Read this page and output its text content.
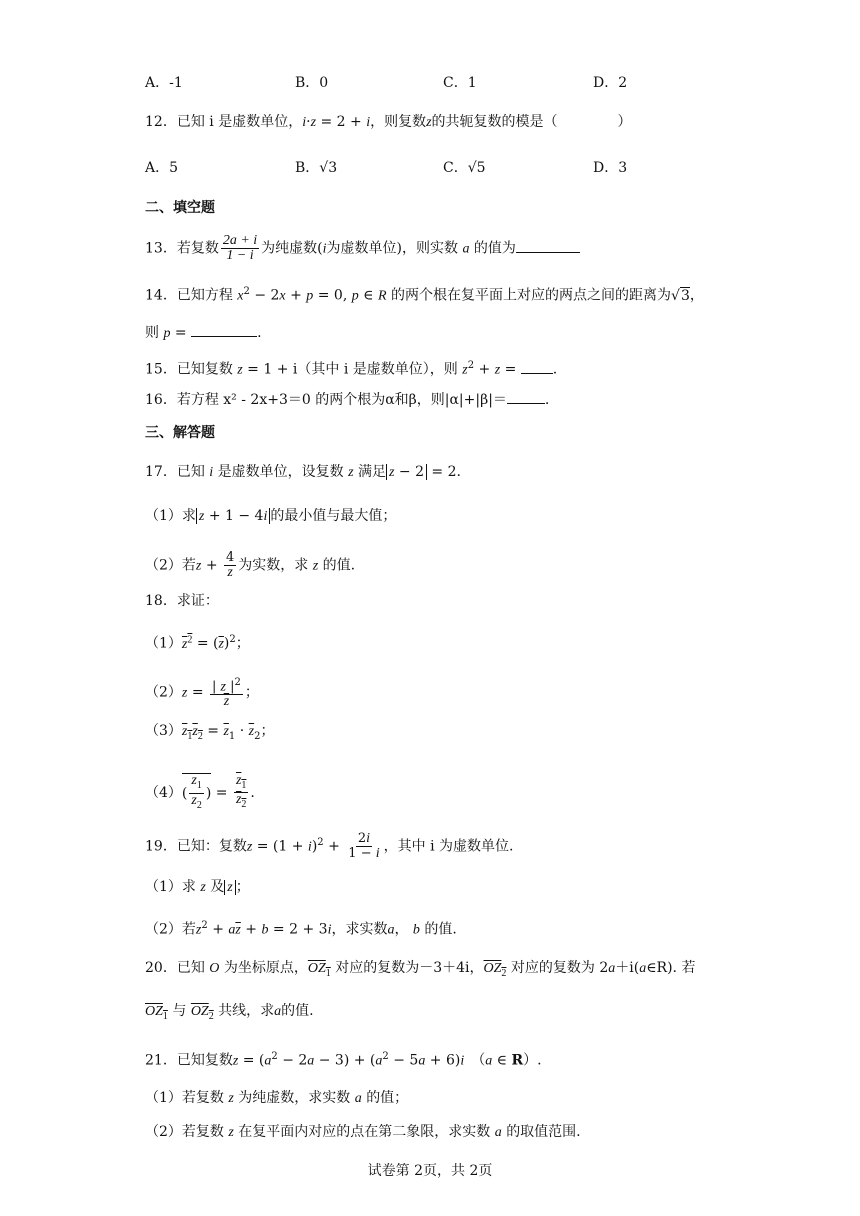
A．-1	B．0	C．1	D．2
12．已知 i 是虚数单位，i·z = 2 + i，则复数z的共轭复数的模是（	）
A．5	B．√3	C．√5	D．3
二、填空题
13．若复数 $\frac{2a + i}{1 - i}$ 为纯虚数(i为虚数单位)，则实数 a 的值为
14．已知方程 $x^2 - 2x + p = 0$, p ∈ R 的两个根在复平面上对应的两点之间的距离为√3，
则 p =	.
15．已知复数 z = 1 + i（其中 i 是虚数单位），则 $z^2 + z$ = .
16．若方程 x² - 2x+3＝0 的两个根为α和β，则|α|+|β|＝	.
三、解答题
17．已知 i 是虚数单位，设复数 z 满足 z − 2 = 2.
（1）求 z + 1 − 4i 的最小值与最大值；
（2）若$z + \frac{4}{z}$ 为实数，求 z 的值.
18．求证：
$(1)z^2 = (\overline{z})^2$；
$(2)z = \frac{| z |^2}{z}$ ；
$(3)z_1z_2 = \overline{z}_1 \cdot \overline{z}_2$；
$(4)( \frac{z_1}{z_2}$ ) = $\frac{z_1}{z_2}$ .
19．已知：复数$z = (1 + i)^2 + \frac{2i}{1 - i}$ ，其中 i 为虚数单位.
（1）求 z 及 z ；
（2）若$z^2 + a\overline{z} + b = 2 + 3i$，求实数a， b 的值.
20．已知 O 为坐标原点，$OZ_1$ 对应的复数为－3＋4i，$OZ_2$ 对应的复数为 2a＋i(a∈R). 若
$OZ_1$ 与 $OZ_2$ 共线，求a的值.
21．已知复数$z = (a^2 - 2a - 3) + (a^2 - 5a + 6)i$　（a ∈ R）.
（1）若复数 z 为纯虚数，求实数 a 的值；
（2）若复数 z 在复平面内对应的点在第二象限，求实数 a 的取值范围.
试卷第 2页，共 2页
